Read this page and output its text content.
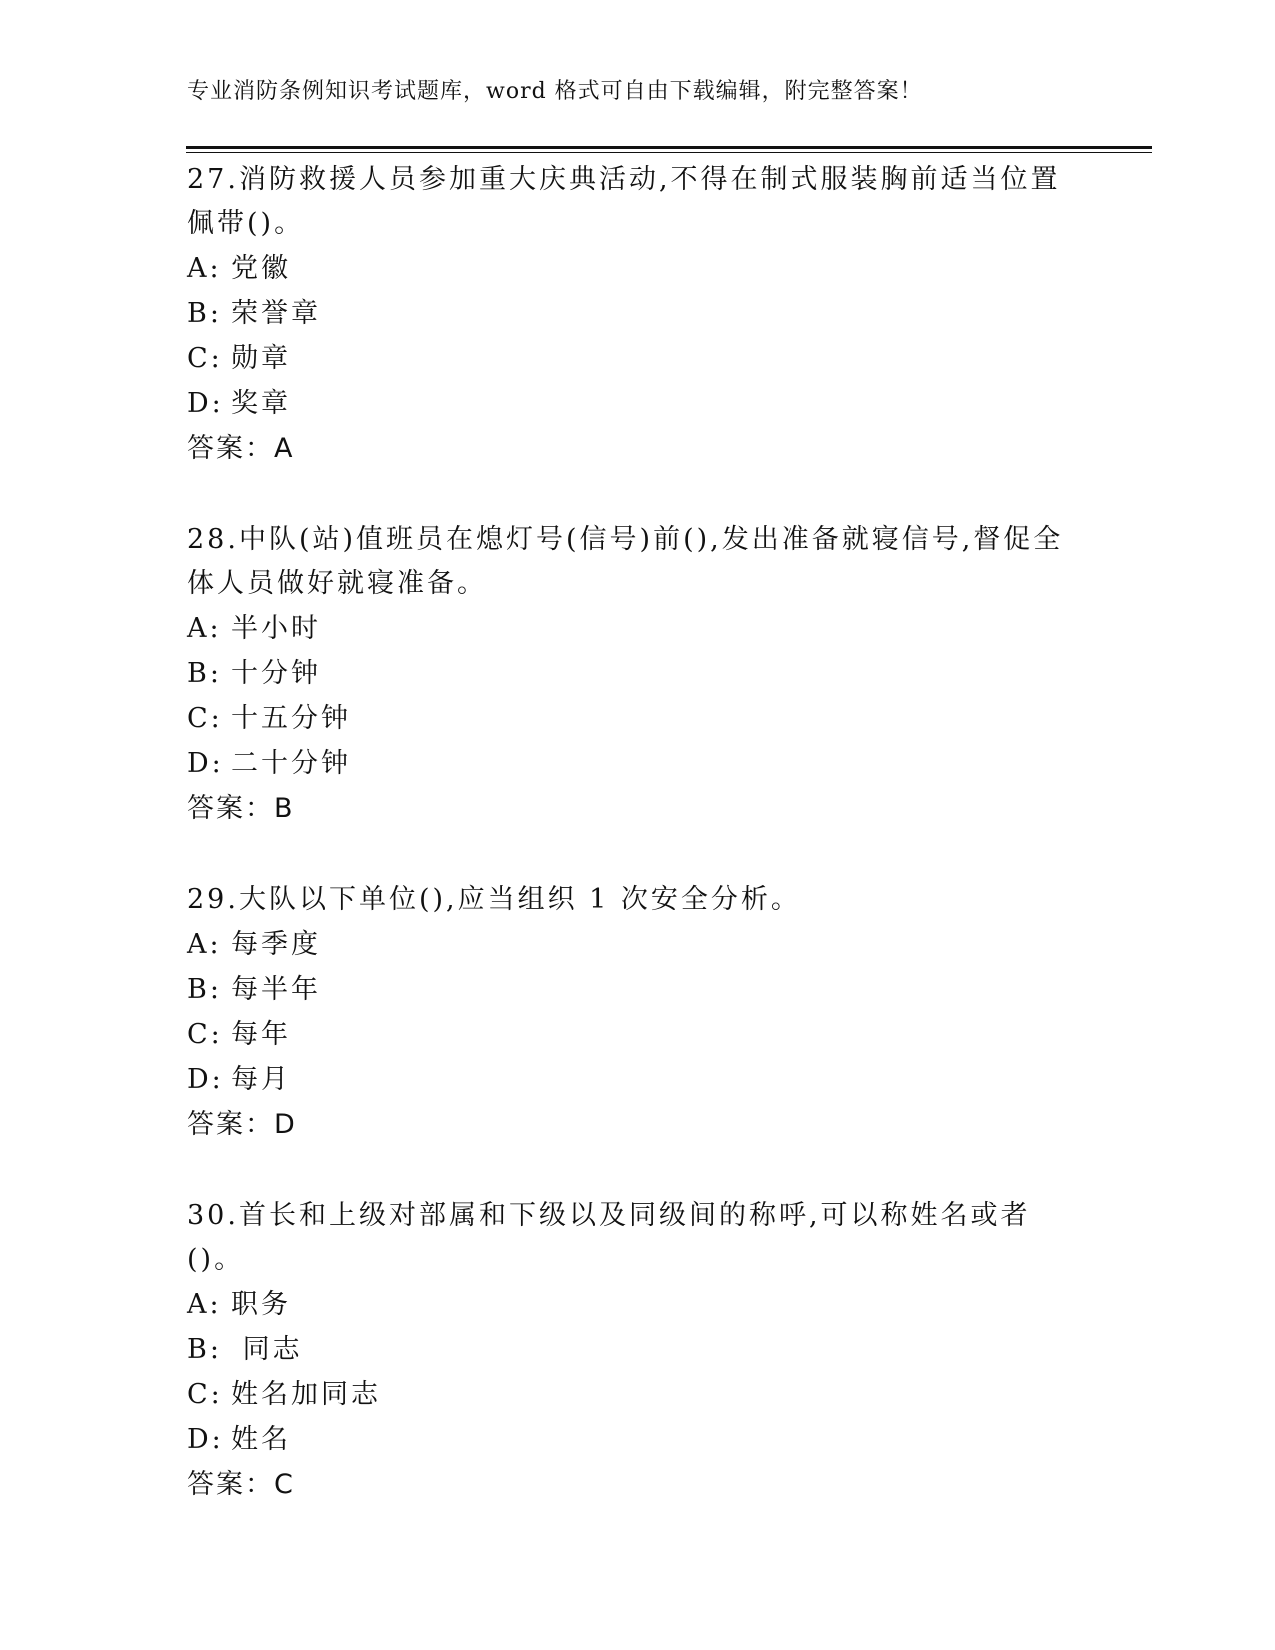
专业消防条例知识考试题库，word 格式可自由下载编辑，附完整答案！

27.消防救援人员参加重大庆典活动,不得在制式服装胸前适当位置佩带()。

A: 党徽

B: 荣誉章

C: 勋章

D: 奖章

答案：A

28.中队(站)值班员在熄灯号(信号)前(),发出准备就寝信号,督促全体人员做好就寝准备。

A: 半小时

B: 十分钟

C: 十五分钟

D: 二十分钟

答案：B

29.大队以下单位(),应当组织 1 次安全分析。

A: 每季度

B: 每半年

C: 每年

D: 每月

答案：D

30.首长和上级对部属和下级以及同级间的称呼,可以称姓名或者()。

A: 职务

B: 同志

C: 姓名加同志

D: 姓名

答案：C
